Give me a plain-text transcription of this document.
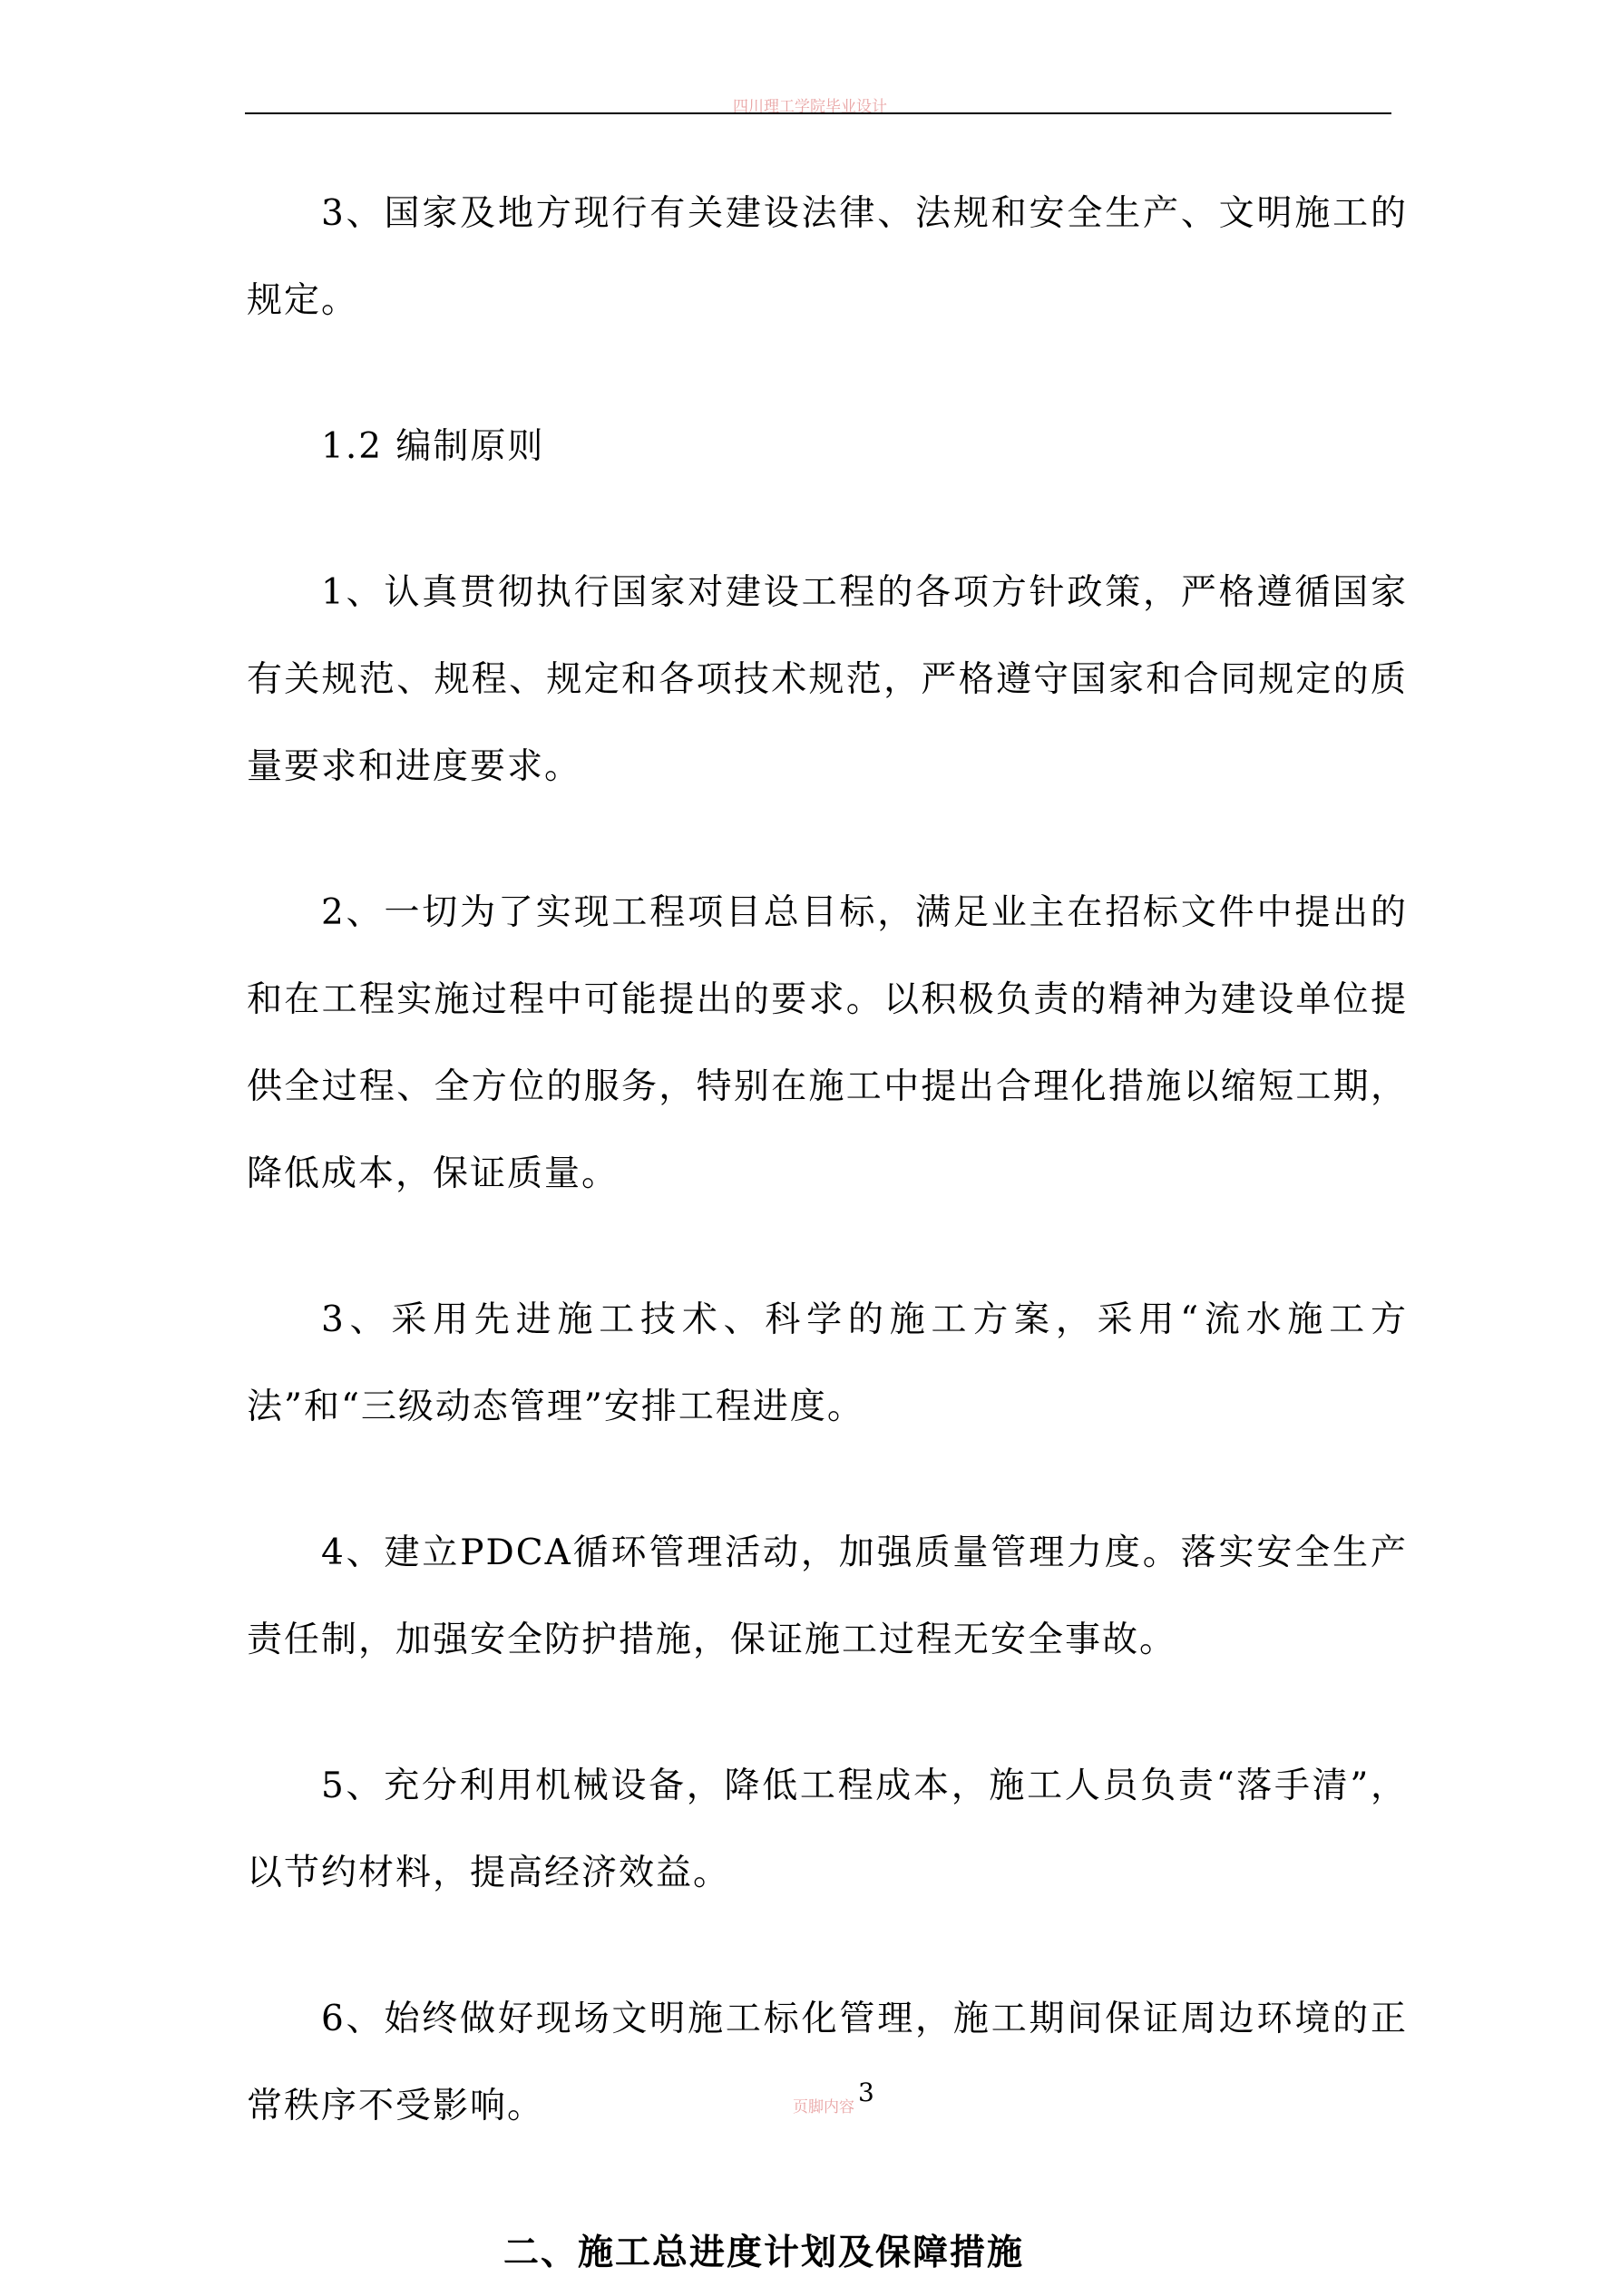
四川理工学院毕业设计

3、国家及地方现行有关建设法律、法规和安全生产、文明施工的规定。

1.2 编制原则

1、认真贯彻执行国家对建设工程的各项方针政策，严格遵循国家有关规范、规程、规定和各项技术规范，严格遵守国家和合同规定的质量要求和进度要求。

2、一切为了实现工程项目总目标，满足业主在招标文件中提出的和在工程实施过程中可能提出的要求。以积极负责的精神为建设单位提供全过程、全方位的服务，特别在施工中提出合理化措施以缩短工期，降低成本，保证质量。

3、采用先进施工技术、科学的施工方案，采用“流水施工方法”和“三级动态管理”安排工程进度。

4、建立PDCA循环管理活动，加强质量管理力度。落实安全生产责任制，加强安全防护措施，保证施工过程无安全事故。

5、充分利用机械设备，降低工程成本，施工人员负责“落手清”，以节约材料，提高经济效益。

6、始终做好现场文明施工标化管理，施工期间保证周边环境的正常秩序不受影响。

二、施工总进度计划及保障措施
3
页脚内容
